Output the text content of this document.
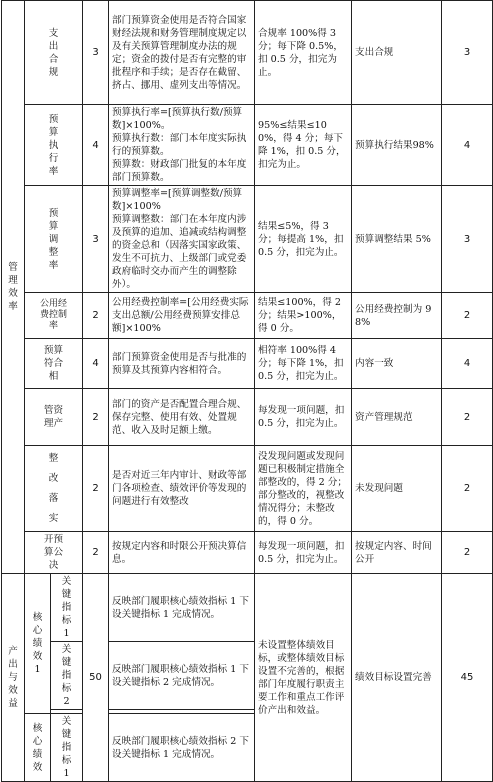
管理效率	支出合规		3	部门预算资金使用是否符合国家财经法规和财务管理制度规定以及有关预算管理制度办法的规定；资金的拨付是否有完整的审批程序和手续；是否存在截留、挤占、挪用、虚列支出等情况。	合规率 100%得 3 分；每下降 0.5%，扣 0.5 分，扣完为止。	支出合规	3
	预算执行率		4	预算执行率=[预算执行数/预算数]×100%。
预算执行数：部门本年度实际执行的预算数。
预算数：财政部门批复的本年度部门预算数。	95%≤结果≤100%，得 4 分；每下降 1%，扣 0.5 分，扣完为止。	预算执行结果98%	4
	预算调整率		3	预算调整率=[预算调整数/预算数]×100%
预算调整数：部门在本年度内涉及预算的追加、追减或结构调整的资金总和（因落实国家政策、发生不可抗力、上级部门或党委政府临时交办而产生的调整除外）。	结果≤5%，得 3 分；每提高 1%，扣 0.5 分，扣完为止。	预算调整结果 5%	3
	公用经费控制率		2	公用经费控制率=[公用经费实际支出总额/公用经费预算安排总额]×100%	结果≤100%，得 2 分；结果>100%，得 0 分。	公用经费控制为 98%	2
	预算符合相		4	部门预算资金使用是否与批准的预算及其预算内容相符合。	相符率 100%得 4 分；每下降 1%，扣 0.5 分，扣完为止。	内容一致	4
	管资理产		2	部门的资产是否配置合理合规、保存完整、使用有效、处置规范、收入及时足额上缴。	每发现一项问题，扣 0.5 分，扣完为止。	资产管理规范	2
	整改落实		2	是否对近三年内审计、财政等部门各项检查、绩效评价等发现的问题进行有效整改	没发现问题或发现问题已积极制定措施全部整改的，得 2 分；部分整改的，视整改情况得分；未整改的，得 0 分。	未发现问题	2
	开预算公决		2	按规定内容和时限公开预决算信息。	每发现一项问题，扣 0.5 分，扣完为止。	按规定内容、时间公开	2
产出与效益	核心绩效 1	关键指标 1	50	反映部门履职核心绩效指标 1 下设关键指标 1 完成情况。	未设置整体绩效目标，或整体绩效目标设置不完善的，根据部门年度履行职责主要工作和重点工作评价产出和效益。	绩效目标设置完善	45
		关键指标 2		反映部门履职核心绩效指标 1 下设关键指标 2 完成情况。			

	核心绩效	关键指标 1		反映部门履职核心绩效指标 2 下设关键指标 1 完成情况。			
